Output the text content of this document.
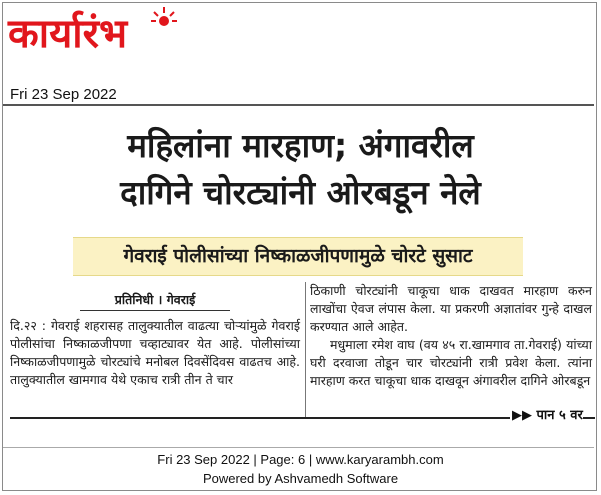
कार्यारंभ
Fri 23 Sep 2022
महिलांना मारहाण; अंगावरील
दागिने चोरट्यांनी ओरबडून नेले
गेवराई पोलीसांच्या निष्काळजीपणामुळे चोरटे सुसाट
प्रतिनिधी । गेवराई

दि.२२ : गेवराई शहरासह तालुक्यातील वाढत्या चोऱ्यांमुळे गेवराई पोलीसांचा निष्काळजीपणा चव्हाट्यावर येत आहे. पोलीसांच्या निष्काळजीपणामुळे चोरट्यांचे मनोबल दिवसेंदिवस वाढतच आहे. तालुक्यातील खामगाव येथे एकाच रात्री तीन ते चार

ठिकाणी चोरट्यांनी चाकूचा धाक दाखवत मारहाण करुन लाखोंचा ऐवज लंपास केला. या प्रकरणी अज्ञातांवर गुन्हे दाखल करण्यात आले आहेत.

मधुमाला रमेश वाघ (वय ४५ रा.खामगाव ता.गेवराई) यांच्या घरी दरवाजा तोडून चार चोरट्यांनी रात्री प्रवेश केला. त्यांना मारहाण करत चाकूचा धाक दाखवून अंगावरील दागिने ओरबडून

▶▶ पान ५ वर
Fri 23 Sep 2022 | Page: 6 | www.karyarambh.com
Powered by Ashvamedh Software
